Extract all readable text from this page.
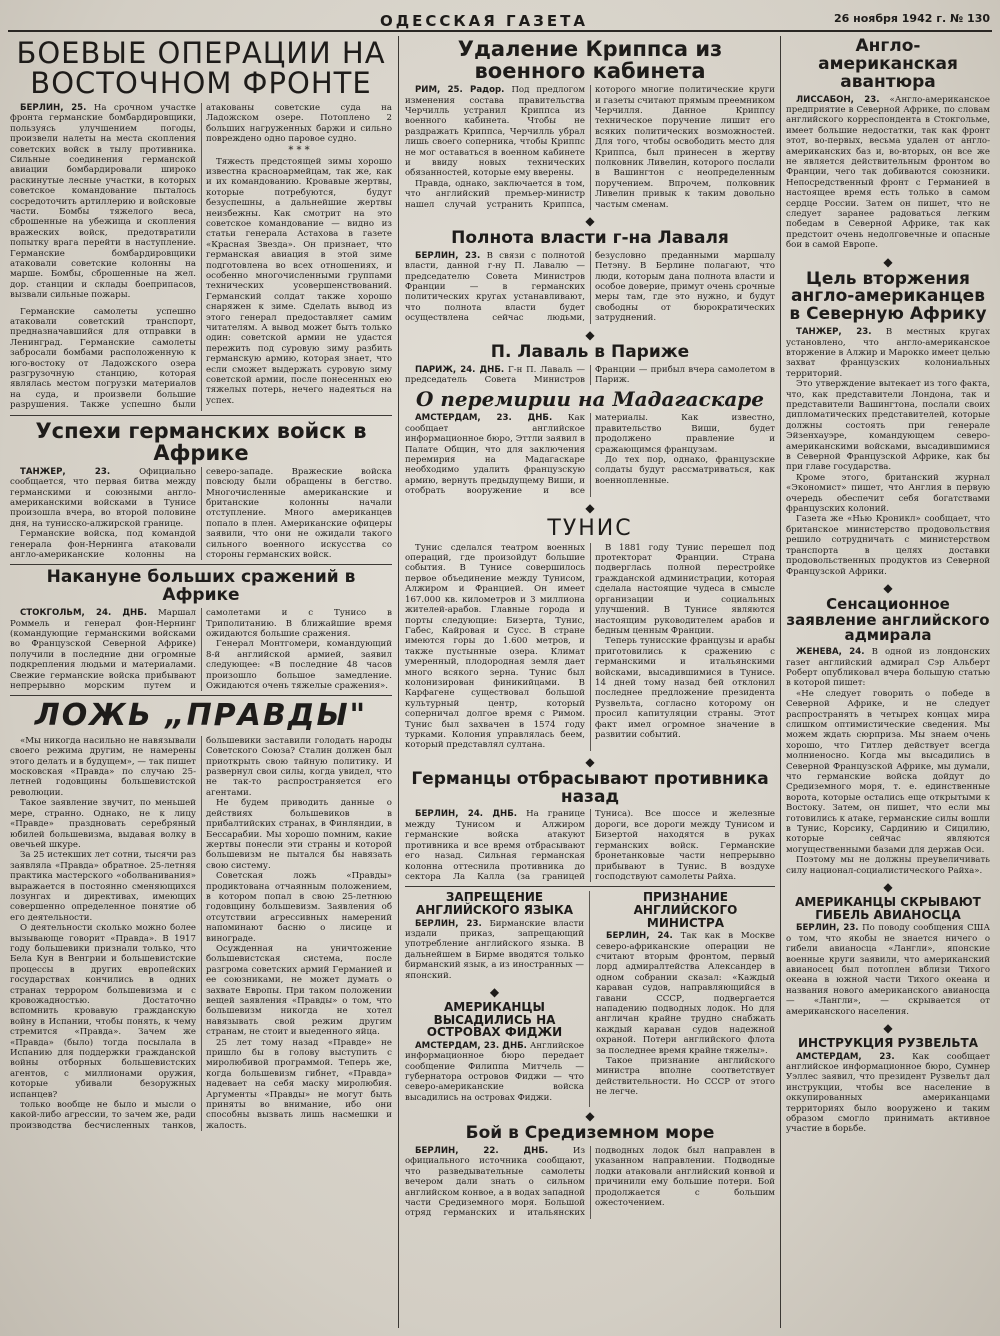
ОДЕССКАЯ ГАЗЕТА	26 ноября 1942 г. № 130
БОЕВЫЕ ОПЕРАЦИИ НА ВОСТОЧНОМ ФРОНТЕ

БЕРЛИН, 25. На срочном участке фронта германские бомбардировщики, пользуясь улучшением погоды, произвели налеты на места скопления советских войск в тылу противника. Сильные соединения германской авиации бомбардировали широко раскинутые лесные участки, в которых советское командование пыталось сосредоточить артиллерию и войсковые части. Бомбы тяжелого веса, сброшенные на убежища и скопления вражеских войск, предотвратили попытку врага перейти в наступление. Германские бомбардировщики атаковали советские колонны на марше. Бомбы, сброшенные на жел. дор. станции и склады боеприпасов, вызвали сильные пожары.

Германские самолеты успешно атаковали советский транспорт, предназначавшийся для отправки в Ленинград. Германские самолеты забросали бомбами расположенную к юго-востоку от Ладожского озера разгрузочную станцию, которая являлась местом погрузки материалов на суда, и произвели большие разрушения. Также успешно были атакованы советские суда на Ладожском озере. Потоплено 2 больших нагруженных баржи и сильно повреждено одно паровое судно.

* * *

Тяжесть предстоящей зимы хорошо известна красноармейцам, так же, как и их командованию. Кровавые жертвы, которые потребуются, будут безуспешны, а дальнейшие жертвы неизбежны. Как смотрит на это советское командование — видно из статьи генерала Астахова в газете «Красная Звезда». Он признает, что германская авиация в этой зиме подготовлена во всех отношениях, и особенно многочисленными группами технических усовершенствований. Германский солдат также хорошо снаряжен к зиме. Сделать вывод из этого генерал предоставляет самим читателям. А вывод может быть только один: советской армии не удастся пережить под суровую зиму разбить германскую армию, которая знает, что если сможет выдержать суровую зиму советской армии, после понесенных ею тяжелых потерь, нечего надеяться на успех.

Успехи германских войск в Африке

ТАНЖЕР, 23.	Официально сообщается, что первая битва между германскими и союзными англо-американскими войсками в Тунисе произошла вчера, во второй половине дня, на тунисско-алжирской границе.

Германские войска, под командой генерала фон-Нернинга атаковали англо-американские колонны на северо-западе. Вражеские войска повсюду были обращены в бегство. Многочисленные американские и британские колонны начали отступление. Много американцев попало в плен. Американские офицеры заявили, что они не ожидали такого сильного военного искусства со стороны германских войск.

Накануне больших сражений в Африке

СТОКГОЛЬМ, 24. ДНБ. Маршал Роммель и генерал фон-Нернинг (командующие германскими войсками во Французской Северной Африке) получили в последние дни огромные подкрепления людьми и материалами. Свежие германские войска прибывают непрерывно морским путем и самолетами и с Тунисо в Триполитанию. В ближайшие время ожидаются большие сражения.

Генерал Монтгомери, командующий 8-й английской армией, заявил следующее: «В последние 48 часов произошло большое замедление. Ожидаются очень тяжелые сражения».

ЛОЖЬ „ПРАВДЫ"

«Мы никогда насильно не навязывали своего режима другим, не намерены этого делать и в будущем», — так пишет московская «Правда» по случаю 25-летней годовщины большевистской революции.

Такое заявление звучит, по меньшей мере, странно. Однако, не к лицу «Правде» праздновать серебряный юбилей большевизма, выдавая волку в овечьей шкуре.

За 25 истекших лет сотни, тысячи раз заявляла «Правда» обратное. 25-летняя практика мастерского «оболванивания» выражается в постоянно сменяющихся лозунгах и директивах, имеющих совершенно определенное понятие об его деятельности.

О деятельности сколько можно более вызывающе говорит «Правда». В 1917 году большевики признали только, что Бела Кун в Венгрии и большевистские процессы в других европейских государствах кончились в одних странах террором большевизма и с кровожадностью. Достаточно вспомнить кровавую гражданскую войну в Испании, чтобы понять, к чему стремится «Правда». Зачем же «Правда» (было) тогда посылала в Испанию для поддержки гражданской войны отборных большевистских агентов, с миллионами оружия, которые убивали безоружных испанцев?

только вообще не было и мысли о какой-либо агрессии, то зачем же, ради производства бесчисленных танков, большевики заставили голодать народы Советского Союза? Сталин должен был приоткрыть свою тайную политику. И развернул свои силы, когда увидел, что не так-то распространяется его агентами.

Не будем приводить данные о действиях большевиков в прибалтийских странах, в Финляндии, в Бессарабии. Мы хорошо помним, какие жертвы понесли эти страны и которой большевизм не пытался бы навязать свою систему.

Советская ложь «Правды» продиктована отчаянным положением, в котором попал в свою 25-летнюю годовщину большевизм. Заявления об отсутствии агрессивных намерений напоминают басню о лисице и винограде.

Осужденная на уничтожение большевистская система, после разгрома советских армий Германией и ее союзниками, не может думать о захвате Европы. При таком положении вещей заявления «Правды» о том, что большевизм никогда не хотел навязывать свой режим другим странам, не стоит и выеденного яйца.

25 лет тому назад «Правде» не пришло бы в голову выступить с миролюбивой программой. Теперь же, когда большевизм гибнет, «Правда» надевает на себя маску миролюбия. Аргументы «Правды» не могут быть приняты во внимание, ибо они способны вызвать лишь насмешки и жалость.

Удаление Криппса из военного кабинета

РИМ, 25. Радор. Под предлогом изменения состава правительства Черчилль устранил Криппса из военного кабинета. Чтобы не раздражать Криппса, Черчилль убрал лишь своего соперника, чтобы Криппс не мог оставаться в военном кабинете и ввиду новых технических обязанностей, которые ему вверены.

Правда, однако, заключается в том, что английский премьер-министр нашел случай устранить Криппса, которого многие политические круги и газеты считают прямым преемником Черчилля. Данное Криппсу техническое поручение лишит его всяких политических возможностей. Для того, чтобы освободить место для Криппса, был принесен в жертву полковник Ливелин, которого послали в Вашингтон с неопределенным поручением. Впрочем, полковник Ливелин привык к таким довольно частым сменам.

◆
Полнота власти г-на Лаваля

БЕРЛИН, 23. В связи с полнотой власти, данной г-ну П. Лавалю — председателю Совета Министров Франции — в германских политических кругах устанавливают, что полнота власти будет осуществлена сейчас людьми, безусловно преданными маршалу Петэну. В Берлине полагают, что люди, которым дана полнота власти и особое доверие, примут очень срочные меры там, где это нужно, и будут свободны от бюрократических затруднений.

◆
П. Лаваль в Париже

ПАРИЖ, 24. ДНБ. Г-н П. Лаваль — председатель Совета Министров Франции — прибыл вчера самолетом в Париж.

О перемирии на Мадагаскаре

АМСТЕРДАМ, 23. ДНБ. Как сообщает английское информационное бюро, Эттли заявил в Палате Общин, что для заключения перемирия на Мадагаскаре необходимо удалить французскую армию, вернуть предыдущему Виши, и отобрать вооружение и все материалы. Как известно, правительство Виши, будет продолжено правление и сражающимся французам.

До тех пор, однако, французские солдаты будут рассматриваться, как военнопленные.

◆
ТУНИС

Тунис сделался театром военных операций, где произойдут большие события. В Тунисе совершилось первое объединение между Тунисом, Алжиром и Францией. Он имеет 167.000 кв. километров и 3 миллиона жителей-арабов. Главные города и порты следующие: Бизерта, Тунис, Габес, Кайровая и Сусс. В стране имеются горы до 1.600 метров, и также пустынные озера. Климат умеренный, плодородная земля дает много всякого зерна. Тунис был колонизирован финикийцами. В Карфагене существовал большой культурный центр, который соперничал долгое время с Римом. Тунис был захвачен в 1574 году турками. Колония управлялась беем, который представлял султана.

В 1881 году Тунис перешел под протекторат Франции. Страна подверглась полной перестройке гражданской администрации, которая сделала настоящие чудеса в смысле организации и социальных улучшений. В Тунисе являются настоящим руководителем арабов и бедным ценным Франции.

Теперь тунисские французы и арабы приготовились к сражению с германскими и итальянскими войсками, высадившимися в Тунисе. 14 дней тому назад бей отклонил последнее предложение президента Рузвельта, согласно которому он просил капитуляции страны. Этот факт имел огромное значение в развитии событий.

◆
Германцы отбрасывают противника назад

БЕРЛИН, 24. ДНБ. На границе между Тунисом и Алжиром германские войска атакуют противника и все время отбрасывают его назад. Сильная германская колонна оттеснила противника до сектора Ла Калла (за границей Туниса). Все шоссе и железные дороги, все дороги между Тунисом и Бизертой находятся в руках германских войск. Германские бронетанковые части непрерывно прибывают в Тунис. В воздухе господствуют самолеты Райха.

ЗАПРЕЩЕНИЕ АНГЛИЙСКОГО ЯЗЫКА

БЕРЛИН, 23. Бирманские власти издали приказ, запрещающий употребление английского языка. В дальнейшем в Бирме вводятся только бирманский язык, а из иностранных — японский.

◆
АМЕРИКАНЦЫ ВЫСАДИЛИСЬ НА ОСТРОВАХ ФИДЖИ

АМСТЕРДАМ, 23. ДНБ. Английское информационное бюро передает сообщение Филиппа Митчель — губернатора островов Фиджи — что северо-американские войска высадились на островах Фиджи.

ПРИЗНАНИЕ АНГЛИЙСКОГО МИНИСТРА

БЕРЛИН, 24. Так как в Москве северо-африканские операции не считают вторым фронтом, первый лорд адмиралтейства Александер в одном собрании сказал: «Каждый караван судов, направляющийся в гавани СССР, подвергается нападению подводных лодок. Но для англичан крайне трудно снабжать каждый караван судов надежной охраной. Потери английского флота за последнее время крайне тяжелы».

Такое признание английского министра вполне соответствует действительности. Но СССР от этого не легче.

◆
Бой в Средиземном море

БЕРЛИН, 22. ДНБ.	Из официального источника сообщают, что разведывательные самолеты вечером дали знать о сильном английском конвое, а в водах западной части Средиземного моря. Большой отряд германских и итальянских подводных лодок был направлен в указанном направлении. Подводные лодки атаковали английский конвой и причинили ему большие потери. Бой продолжается с большим ожесточением.

Англо-американская авантюра

ЛИССАБОН, 23. «Англо-американское предприятие в Северной Африке, по словам английского корреспондента в Стокгольме, имеет большие недостатки, так как фронт этот, во-первых, весьма удален от англо-американских баз и, во-вторых, он все же не является действительным фронтом во Франции, чего так добиваются союзники. Непосредственный фронт с Германией в настоящее время есть только в самом сердце России. Затем он пишет, что не следует заранее радоваться легким победам в Северной Африке, так как предстоит очень недолговечные и опасные бои в самой Европе.

◆
Цель вторжения англо-американцев в Северную Африку

ТАНЖЕР, 23. В местных кругах установлено, что англо-американское вторжение в Алжир и Марокко имеет целью захват французских колониальных территорий.

Это утверждение вытекает из того факта, что, как представители Лондона, так и представители Вашингтона, послали своих дипломатических представителей, которые должны состоять при генерале Эйзенхауэре, командующем северо-американскими войсками, высадившимися в Северной Французской Африке, как бы при главе государства.

Кроме этого, британский журнал «Экономист» пишет, что Англия в первую очередь обеспечит себя богатствами французских колоний.

Газета же «Нью Кроникл» сообщает, что британское министерство продовольствия решило сотрудничать с министерством транспорта в целях доставки продовольственных продуктов из Северной Французской Африки.

◆
Сенсационное заявление английского адмирала

ЖЕНЕВА, 24. В одной из лондонских газет английский адмирал Сэр Альберт Роберт опубликовал вчера большую статью в которой пишет:

«Не следует говорить о победе в Северной Африке, и не следует распространять в четырех концах мира слишком оптимистические сведения. Мы можем ждать сюрприза. Мы знаем очень хорошо, что Гитлер действует всегда молниеносно. Когда мы высадились в Северной Французской Африке, мы думали, что германские войска дойдут до Средиземного моря, т. е. единственные ворота, которые остались еще открытыми к Востоку. Затем, он пишет, что если мы готовились к атаке, германские силы вошли в Тунис, Корсику, Сардинию и Сицилию, которые сейчас являются могущественными базами для держав Оси.

Поэтому мы не должны преувеличивать силу национал-социалистического Райха».

◆
АМЕРИКАНЦЫ СКРЫВАЮТ ГИБЕЛЬ АВИАНОСЦА

БЕРЛИН, 23. По поводу сообщения США о том, что якобы не знается ничего о гибели авианосца «Лангли», японские военные круги заявили, что американский авианосец был потоплен вблизи Тихого океана в южной части Тихого океана и названия нового американского авианосца — «Лангли», — скрывается от американского населения.

◆
ИНСТРУКЦИЯ РУЗВЕЛЬТА

АМСТЕРДАМ, 23. Как сообщает английское информационное бюро, Сумнер Уэллес заявил, что президент Рузвельт дал инструкции, чтобы все население в оккупированных американцами территориях было вооружено и таким образом смогло принимать активное участие в борьбе.
